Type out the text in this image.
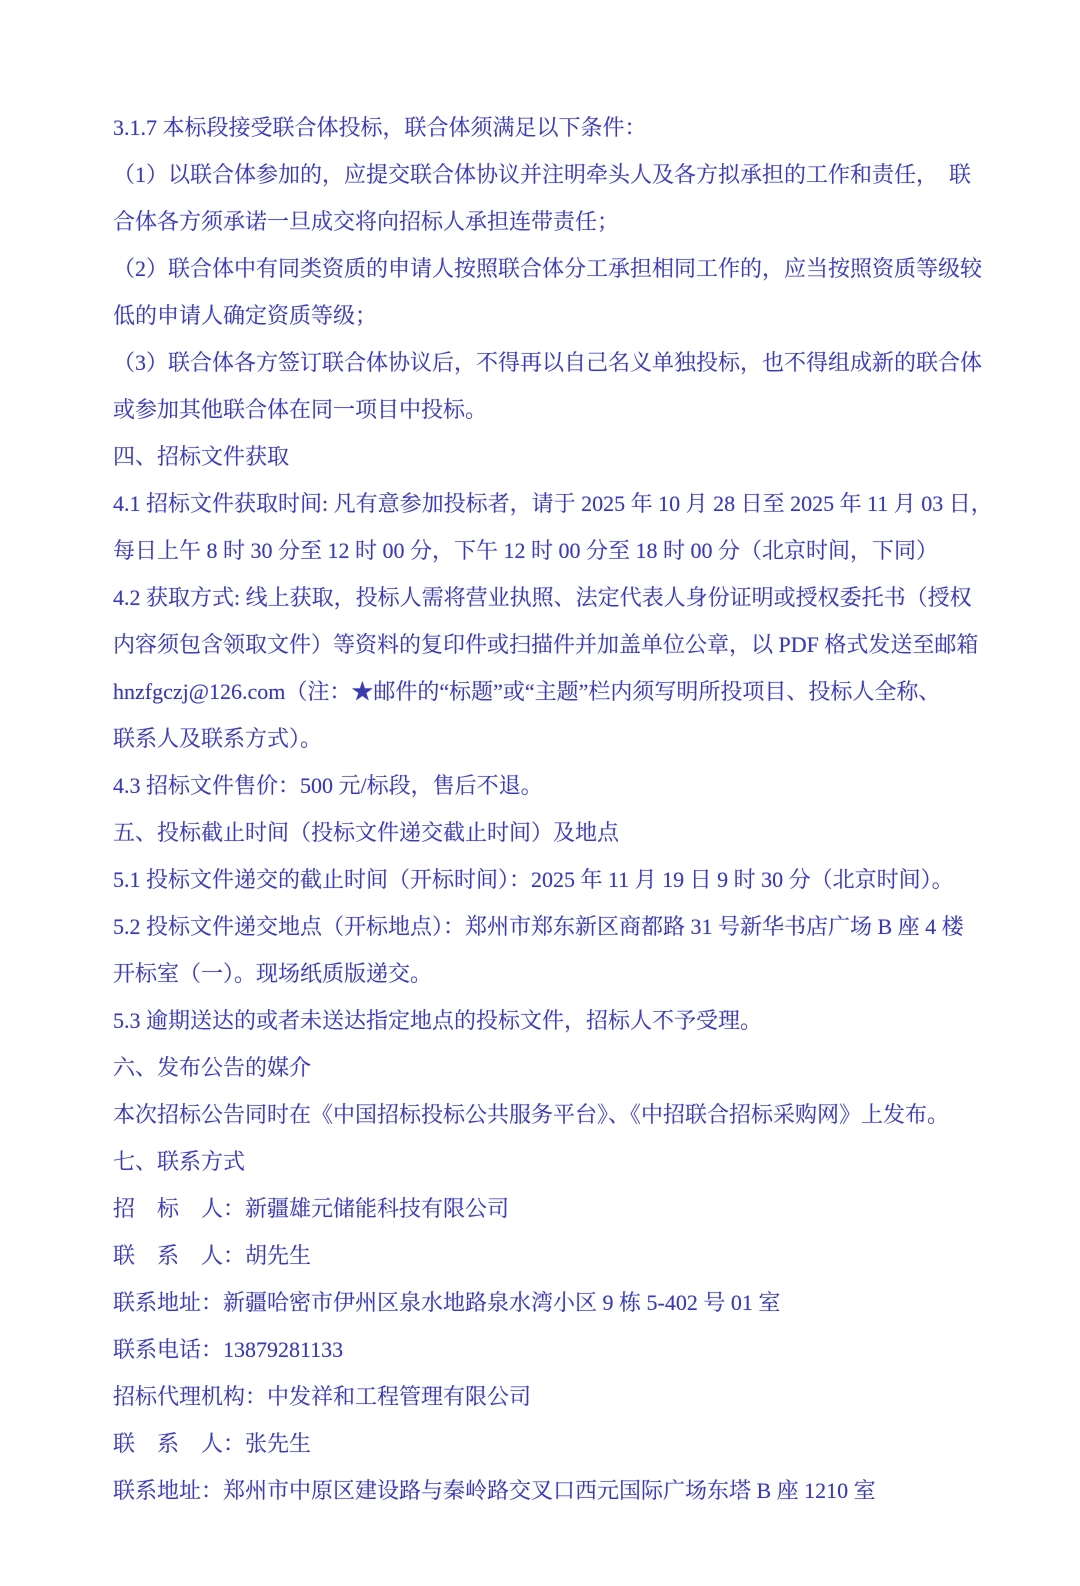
3.1.7 本标段接受联合体投标，联合体须满足以下条件：
（1）以联合体参加的，应提交联合体协议并注明牵头人及各方拟承担的工作和责任，　联
合体各方须承诺一旦成交将向招标人承担连带责任；
（2）联合体中有同类资质的申请人按照联合体分工承担相同工作的，应当按照资质等级较
低的申请人确定资质等级；
（3）联合体各方签订联合体协议后，不得再以自己名义单独投标，也不得组成新的联合体
或参加其他联合体在同一项目中投标。
四、招标文件获取
4.1 招标文件获取时间: 凡有意参加投标者，请于 2025 年 10 月 28 日至 2025 年 11 月 03 日，
每日上午 8 时 30 分至 12 时 00 分，下午 12 时 00 分至 18 时 00 分（北京时间，下同）
4.2 获取方式: 线上获取，投标人需将营业执照、法定代表人身份证明或授权委托书（授权
内容须包含领取文件）等资料的复印件或扫描件并加盖单位公章，以 PDF 格式发送至邮箱
hnzfgczj@126.com（注：★邮件的“标题”或“主题”栏内须写明所投项目、投标人全称、
联系人及联系方式）。
4.3 招标文件售价：500 元/标段，售后不退。
五、投标截止时间（投标文件递交截止时间）及地点
5.1 投标文件递交的截止时间（开标时间）：2025 年 11 月 19 日 9 时 30 分（北京时间）。
5.2 投标文件递交地点（开标地点）：郑州市郑东新区商都路 31 号新华书店广场 B 座 4 楼
开标室（一）。现场纸质版递交。
5.3 逾期送达的或者未送达指定地点的投标文件，招标人不予受理。
六、发布公告的媒介
本次招标公告同时在《中国招标投标公共服务平台》、《中招联合招标采购网》上发布。
七、联系方式
招　标　人：新疆雄元储能科技有限公司
联　系　人：胡先生
联系地址：新疆哈密市伊州区泉水地路泉水湾小区 9 栋 5-402 号 01 室
联系电话：13879281133
招标代理机构：中发祥和工程管理有限公司
联　系　人：张先生
联系地址：郑州市中原区建设路与秦岭路交叉口西元国际广场东塔 B 座 1210 室
